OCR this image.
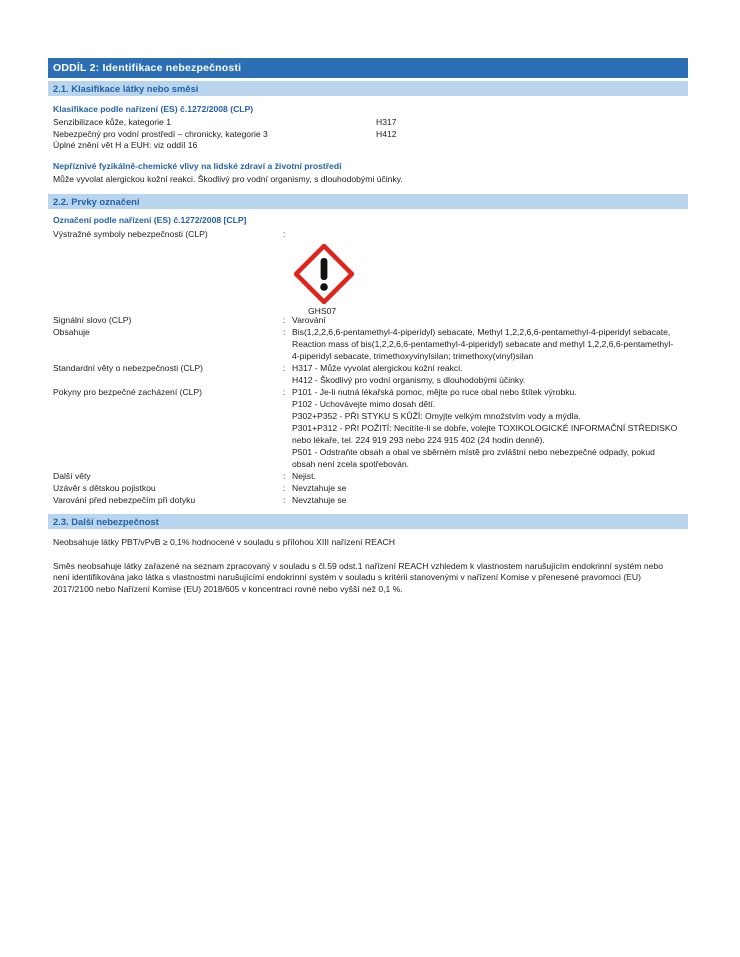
ODDÍL 2: Identifikace nebezpečnosti
2.1. Klasifikace látky nebo směsi
Klasifikace podle nařízení (ES) č.1272/2008 (CLP)
Senzibilizace kůže, kategorie 1	H317
Nebezpečný pro vodní prostředí – chronicky, kategorie 3	H412
Úplné znění vět H a EUH: viz oddíl 16
Nepříznivé fyzikálně-chemické vlivy na lidské zdraví a životní prostředí
Může vyvolat alergickou kožní reakci. Škodlivý pro vodní organismy, s dlouhodobými účinky.
2.2. Prvky označení
Označení podle nařízení (ES) č.1272/2008 [CLP]
Výstražné symboly nebezpečnosti (CLP)	:
GHS07
Signální slovo (CLP)	: Varování
Obsahuje	: Bis(1,2,2,6,6-pentamethyl-4-piperidyl) sebacate, Methyl 1,2,2,6,6-pentamethyl-4-piperidyl sebacate, Reaction mass of bis(1,2,2,6,6-pentamethyl-4-piperidyl) sebacate and methyl 1,2,2,6,6-pentamethyl-4-piperidyl sebacate, trimethoxyvinylsilan; trimethoxy(vinyl)silan
Standardní věty o nebezpečnosti (CLP)	: H317 - Může vyvolat alergickou kožní reakci.
H412 - Škodlivý pro vodní organismy, s dlouhodobými účinky.
Pokyny pro bezpečné zacházení (CLP)	: P101 - Je-li nutná lékařská pomoc, mějte po ruce obal nebo štítek výrobku.
P102 - Uchovávejte mimo dosah dětí.
P302+P352 - PŘI STYKU S KŮŽÍ: Omyjte velkým množstvím vody a mýdla.
P301+P312 - PŘI POŽITÍ: Necítíte-li se dobře, volejte TOXIKOLOGICKÉ INFORMAČNÍ STŘEDISKO nebo lékaře, tel. 224 919 293 nebo 224 915 402 (24 hodin denně).
P501 - Odstraňte obsah a obal ve sběrném místě pro zvláštní nebo nebezpečné odpady, pokud obsah není zcela spotřebován.
Další věty	: Nejist.
Uzávěr s dětskou pojistkou	: Nevztahuje se
Varování před nebezpečím při dotyku	: Nevztahuje se
2.3. Další nebezpečnost
Neobsahuje látky PBT/vPvB ≥ 0,1% hodnocené v souladu s přílohou XIII nařízení REACH
Směs neobsahuje látky zařazené na seznam zpracovaný v souladu s čl.59 odst.1 nařízení REACH vzhledem k vlastnostem narušujícím endokrinní systém nebo není identifikována jako látka s vlastnostmi narušujícími endokrinní systém v souladu s kritérii stanovenými v nařízení Komise v přenesené pravomoci (EU) 2017/2100 nebo Nařízení Komise (EU) 2018/605 v koncentraci rovné nebo vyšší než 0,1 %.
